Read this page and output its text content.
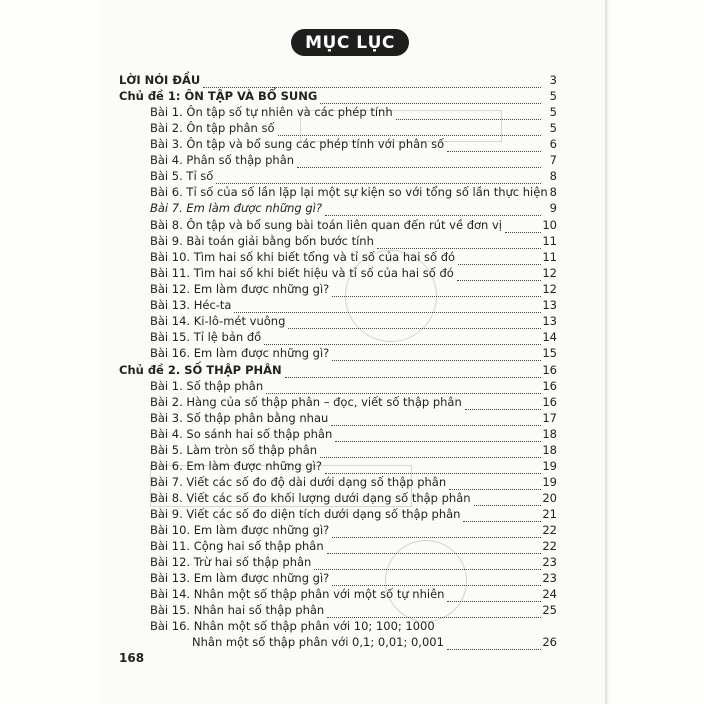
MỤC LỤC
LỜI NÓI ĐẦU	3
Chủ đề 1: ÔN TẬP VÀ BỔ SUNG	5
Bài 1. Ôn tập số tự nhiên và các phép tính	5
Bài 2. Ôn tập phân số	5
Bài 3. Ôn tập và bổ sung các phép tính với phân số	6
Bài 4. Phân số thập phân	7
Bài 5. Tỉ số	8
Bài 6. Tỉ số của số lần lặp lại một sự kiện so với tổng số lần thực hiện 8
Bài 7. Em làm được những gì?	9
Bài 8. Ôn tập và bổ sung bài toán liên quan đến rút về đơn vị	10
Bài 9. Bài toán giải bằng bốn bước tính	11
Bài 10. Tìm hai số khi biết tổng và tỉ số của hai số đó	11
Bài 11. Tìm hai số khi biết hiệu và tỉ số của hai số đó	12
Bài 12. Em làm được những gì?	12
Bài 13. Héc-ta	13
Bài 14. Ki-lô-mét vuông	13
Bài 15. Tỉ lệ bản đồ	14
Bài 16. Em làm được những gì?	15
Chủ đề 2. SỐ THẬP PHÂN	16
Bài 1. Số thập phân	16
Bài 2. Hàng của số thập phân – đọc, viết số thập phân	16
Bài 3. Số thập phân bằng nhau	17
Bài 4. So sánh hai số thập phân	18
Bài 5. Làm tròn số thập phân	18
Bài 6. Em làm được những gì?	19
Bài 7. Viết các số đo độ dài dưới dạng số thập phân	19
Bài 8. Viết các số đo khối lượng dưới dạng số thập phân	20
Bài 9. Viết các số đo diện tích dưới dạng số thập phân	21
Bài 10. Em làm được những gì?	22
Bài 11. Cộng hai số thập phân	22
Bài 12. Trừ hai số thập phân	23
Bài 13. Em làm được những gì?	23
Bài 14. Nhân một số thập phân với một số tự nhiên	24
Bài 15. Nhân hai số thập phân	25
Bài 16. Nhân một số thập phân với 10; 100; 1000
Nhân một số thập phân với 0,1; 0,01; 0,001	26
168
